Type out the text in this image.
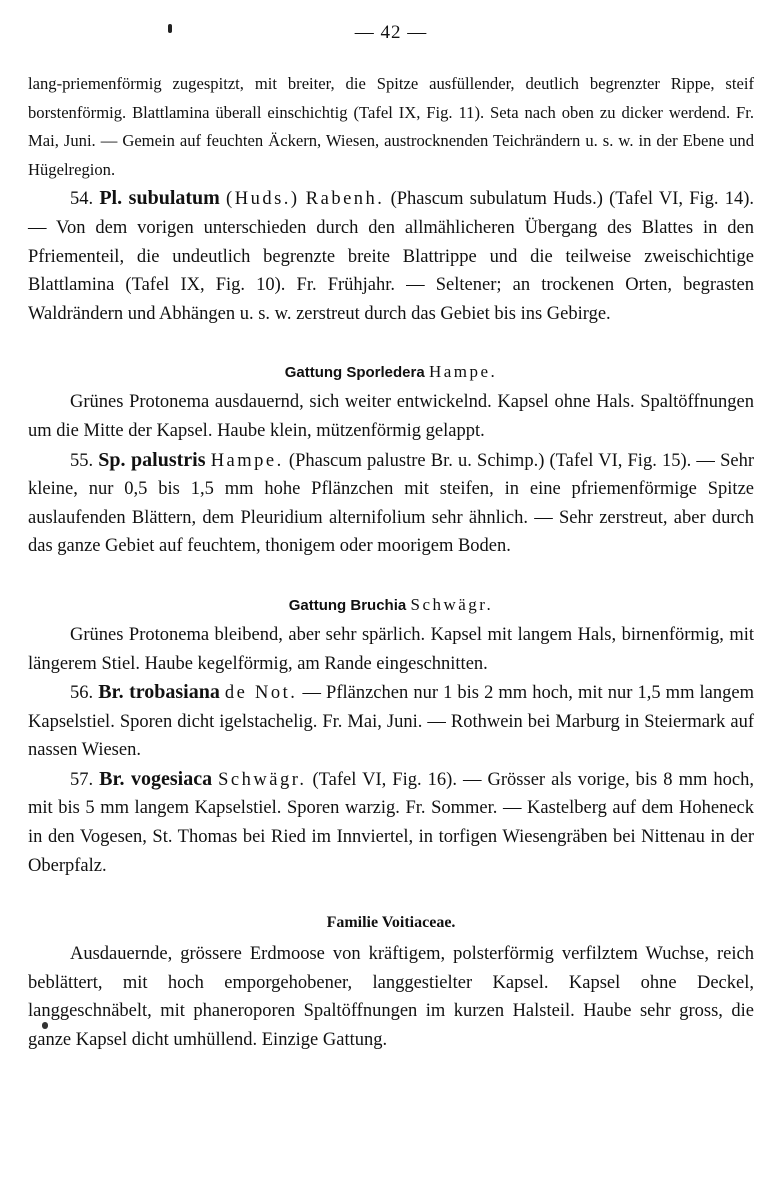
— 42 —

lang-priemenförmig zugespitzt, mit breiter, die Spitze ausfüllender, deutlich begrenzter Rippe, steif borstenförmig. Blattlamina überall einschichtig (Tafel IX, Fig. 11). Seta nach oben zu dicker werdend. Fr. Mai, Juni. — Gemein auf feuchten Äckern, Wiesen, austrocknenden Teichrändern u. s. w. in der Ebene und Hügelregion.

54. Pl. subulatum (Huds.) Rabenh. (Phascum subulatum Huds.) (Tafel VI, Fig. 14). — Von dem vorigen unterschieden durch den allmählicheren Übergang des Blattes in den Pfriementeil, die undeutlich begrenzte breite Blattrippe und die teilweise zweischichtige Blattlamina (Tafel IX, Fig. 10). Fr. Frühjahr. — Seltener; an trockenen Orten, begrasten Waldrändern und Abhängen u. s. w. zerstreut durch das Gebiet bis ins Gebirge.

Gattung Sporledera Hampe.

Grünes Protonema ausdauernd, sich weiter entwickelnd. Kapsel ohne Hals. Spaltöffnungen um die Mitte der Kapsel. Haube klein, mützenförmig gelappt.

55. Sp. palustris Hampe. (Phascum palustre Br. u. Schimp.) (Tafel VI, Fig. 15). — Sehr kleine, nur 0,5 bis 1,5 mm hohe Pflänzchen mit steifen, in eine pfriemenförmige Spitze auslaufenden Blättern, dem Pleuridium alternifolium sehr ähnlich. — Sehr zerstreut, aber durch das ganze Gebiet auf feuchtem, thonigem oder moorigem Boden.

Gattung Bruchia Schwägr.

Grünes Protonema bleibend, aber sehr spärlich. Kapsel mit langem Hals, birnenförmig, mit längerem Stiel. Haube kegelförmig, am Rande eingeschnitten.

56. Br. trobasiana de Not. — Pflänzchen nur 1 bis 2 mm hoch, mit nur 1,5 mm langem Kapselstiel. Sporen dicht igelstachelig. Fr. Mai, Juni. — Rothwein bei Marburg in Steiermark auf nassen Wiesen.

57. Br. vogesiaca Schwägr. (Tafel VI, Fig. 16). — Grösser als vorige, bis 8 mm hoch, mit bis 5 mm langem Kapselstiel. Sporen warzig. Fr. Sommer. — Kastelberg auf dem Hoheneck in den Vogesen, St. Thomas bei Ried im Innviertel, in torfigen Wiesengräben bei Nittenau in der Oberpfalz.

Familie Voitiaceae.

Ausdauernde, grössere Erdmoose von kräftigem, polsterförmig verfilztem Wuchse, reich beblättert, mit hoch emporgehobener, langgestielter Kapsel. Kapsel ohne Deckel, langgeschnäbelt, mit phaneroporen Spaltöffnungen im kurzen Halsteil. Haube sehr gross, die ganze Kapsel dicht umhüllend. Einzige Gattung.
